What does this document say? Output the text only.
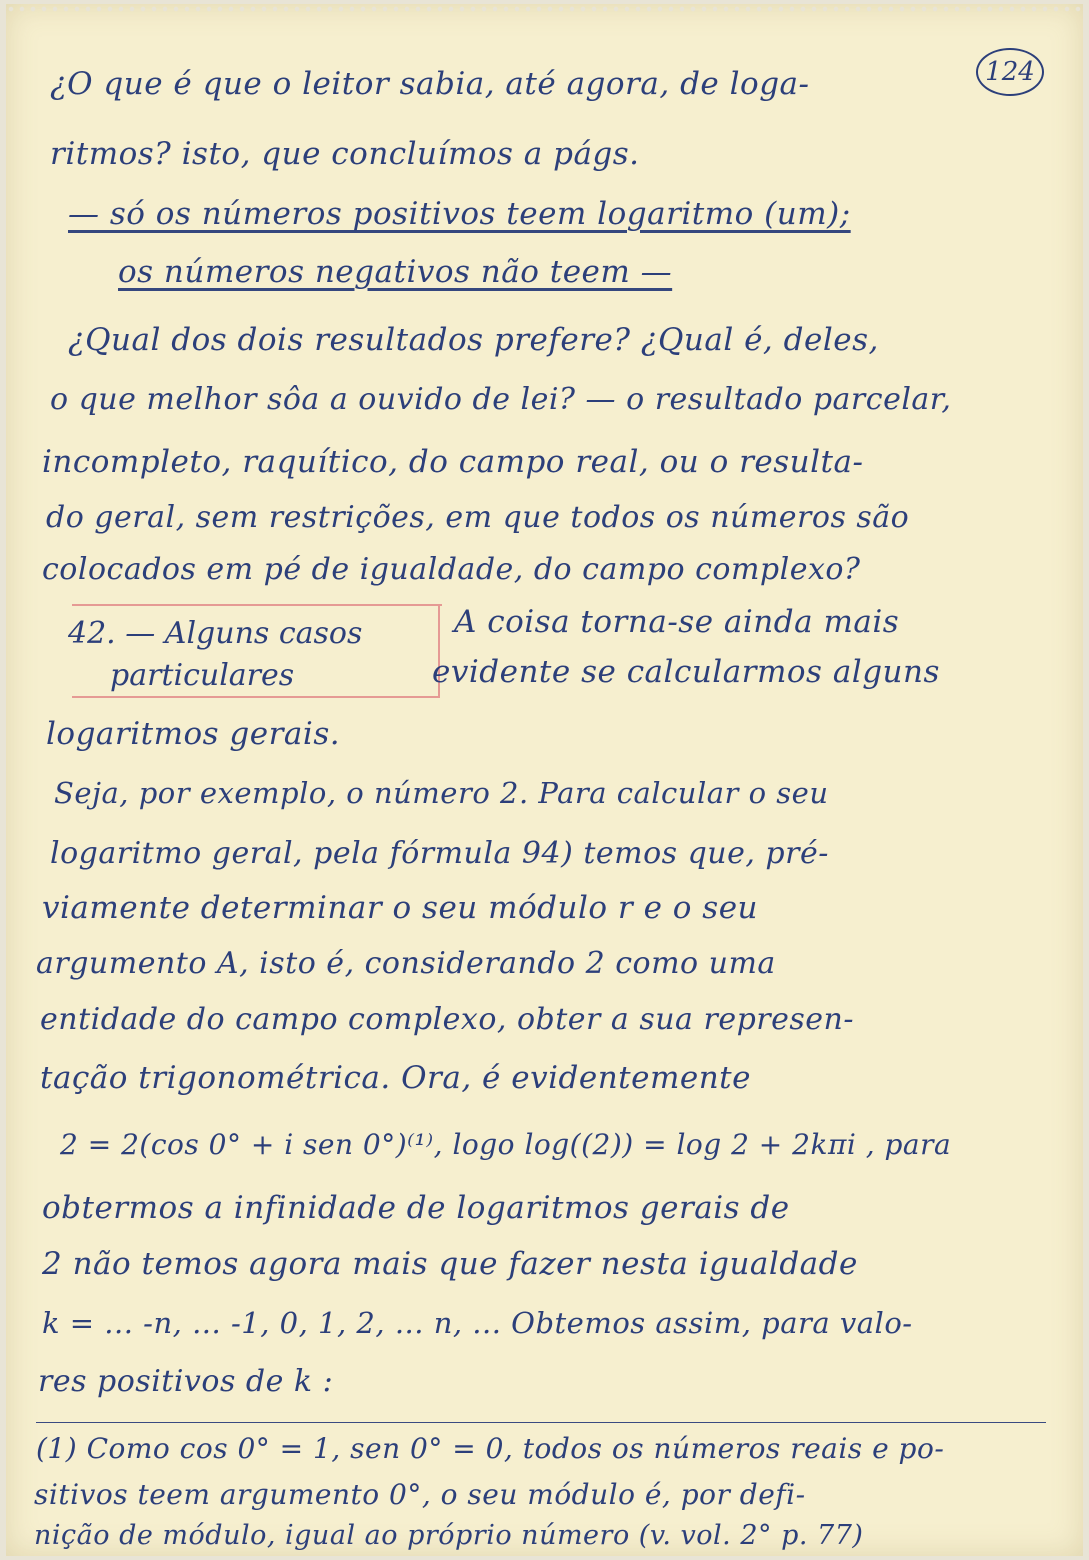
124
¿O que é que o leitor sabia, até agora, de loga-
ritmos? isto, que concluímos a págs.
— só os números positivos teem logaritmo (um);
os números negativos não teem —
¿Qual dos dois resultados prefere? ¿Qual é, deles,
o que melhor sôa a ouvido de lei? — o resultado parcelar,
incompleto, raquítico, do campo real, ou o resulta-
do geral, sem restrições, em que todos os números são
colocados em pé de igualdade, do campo complexo?
42. — Alguns casos
particulares
A coisa torna-se ainda mais
evidente se calcularmos alguns
logaritmos gerais.
Seja, por exemplo, o número 2. Para calcular o seu
logaritmo geral, pela fórmula 94) temos que, pré-
viamente determinar o seu módulo r e o seu
argumento A, isto é, considerando 2 como uma
entidade do campo complexo, obter a sua represen-
tação trigonométrica. Ora, é evidentemente
2 = 2(cos 0° + i sen 0°)⁽¹⁾, logo log((2)) = log 2 + 2kπi , para
obtermos a infinidade de logaritmos gerais de
2 não temos agora mais que fazer nesta igualdade
k = ... -n, ... -1, 0, 1, 2, ... n, ... Obtemos assim, para valo-
res positivos de k :
(1) Como cos 0° = 1, sen 0° = 0, todos os números reais e po-
sitivos teem argumento 0°, o seu módulo é, por defi-
nição de módulo, igual ao próprio número (v. vol. 2° p. 77)
